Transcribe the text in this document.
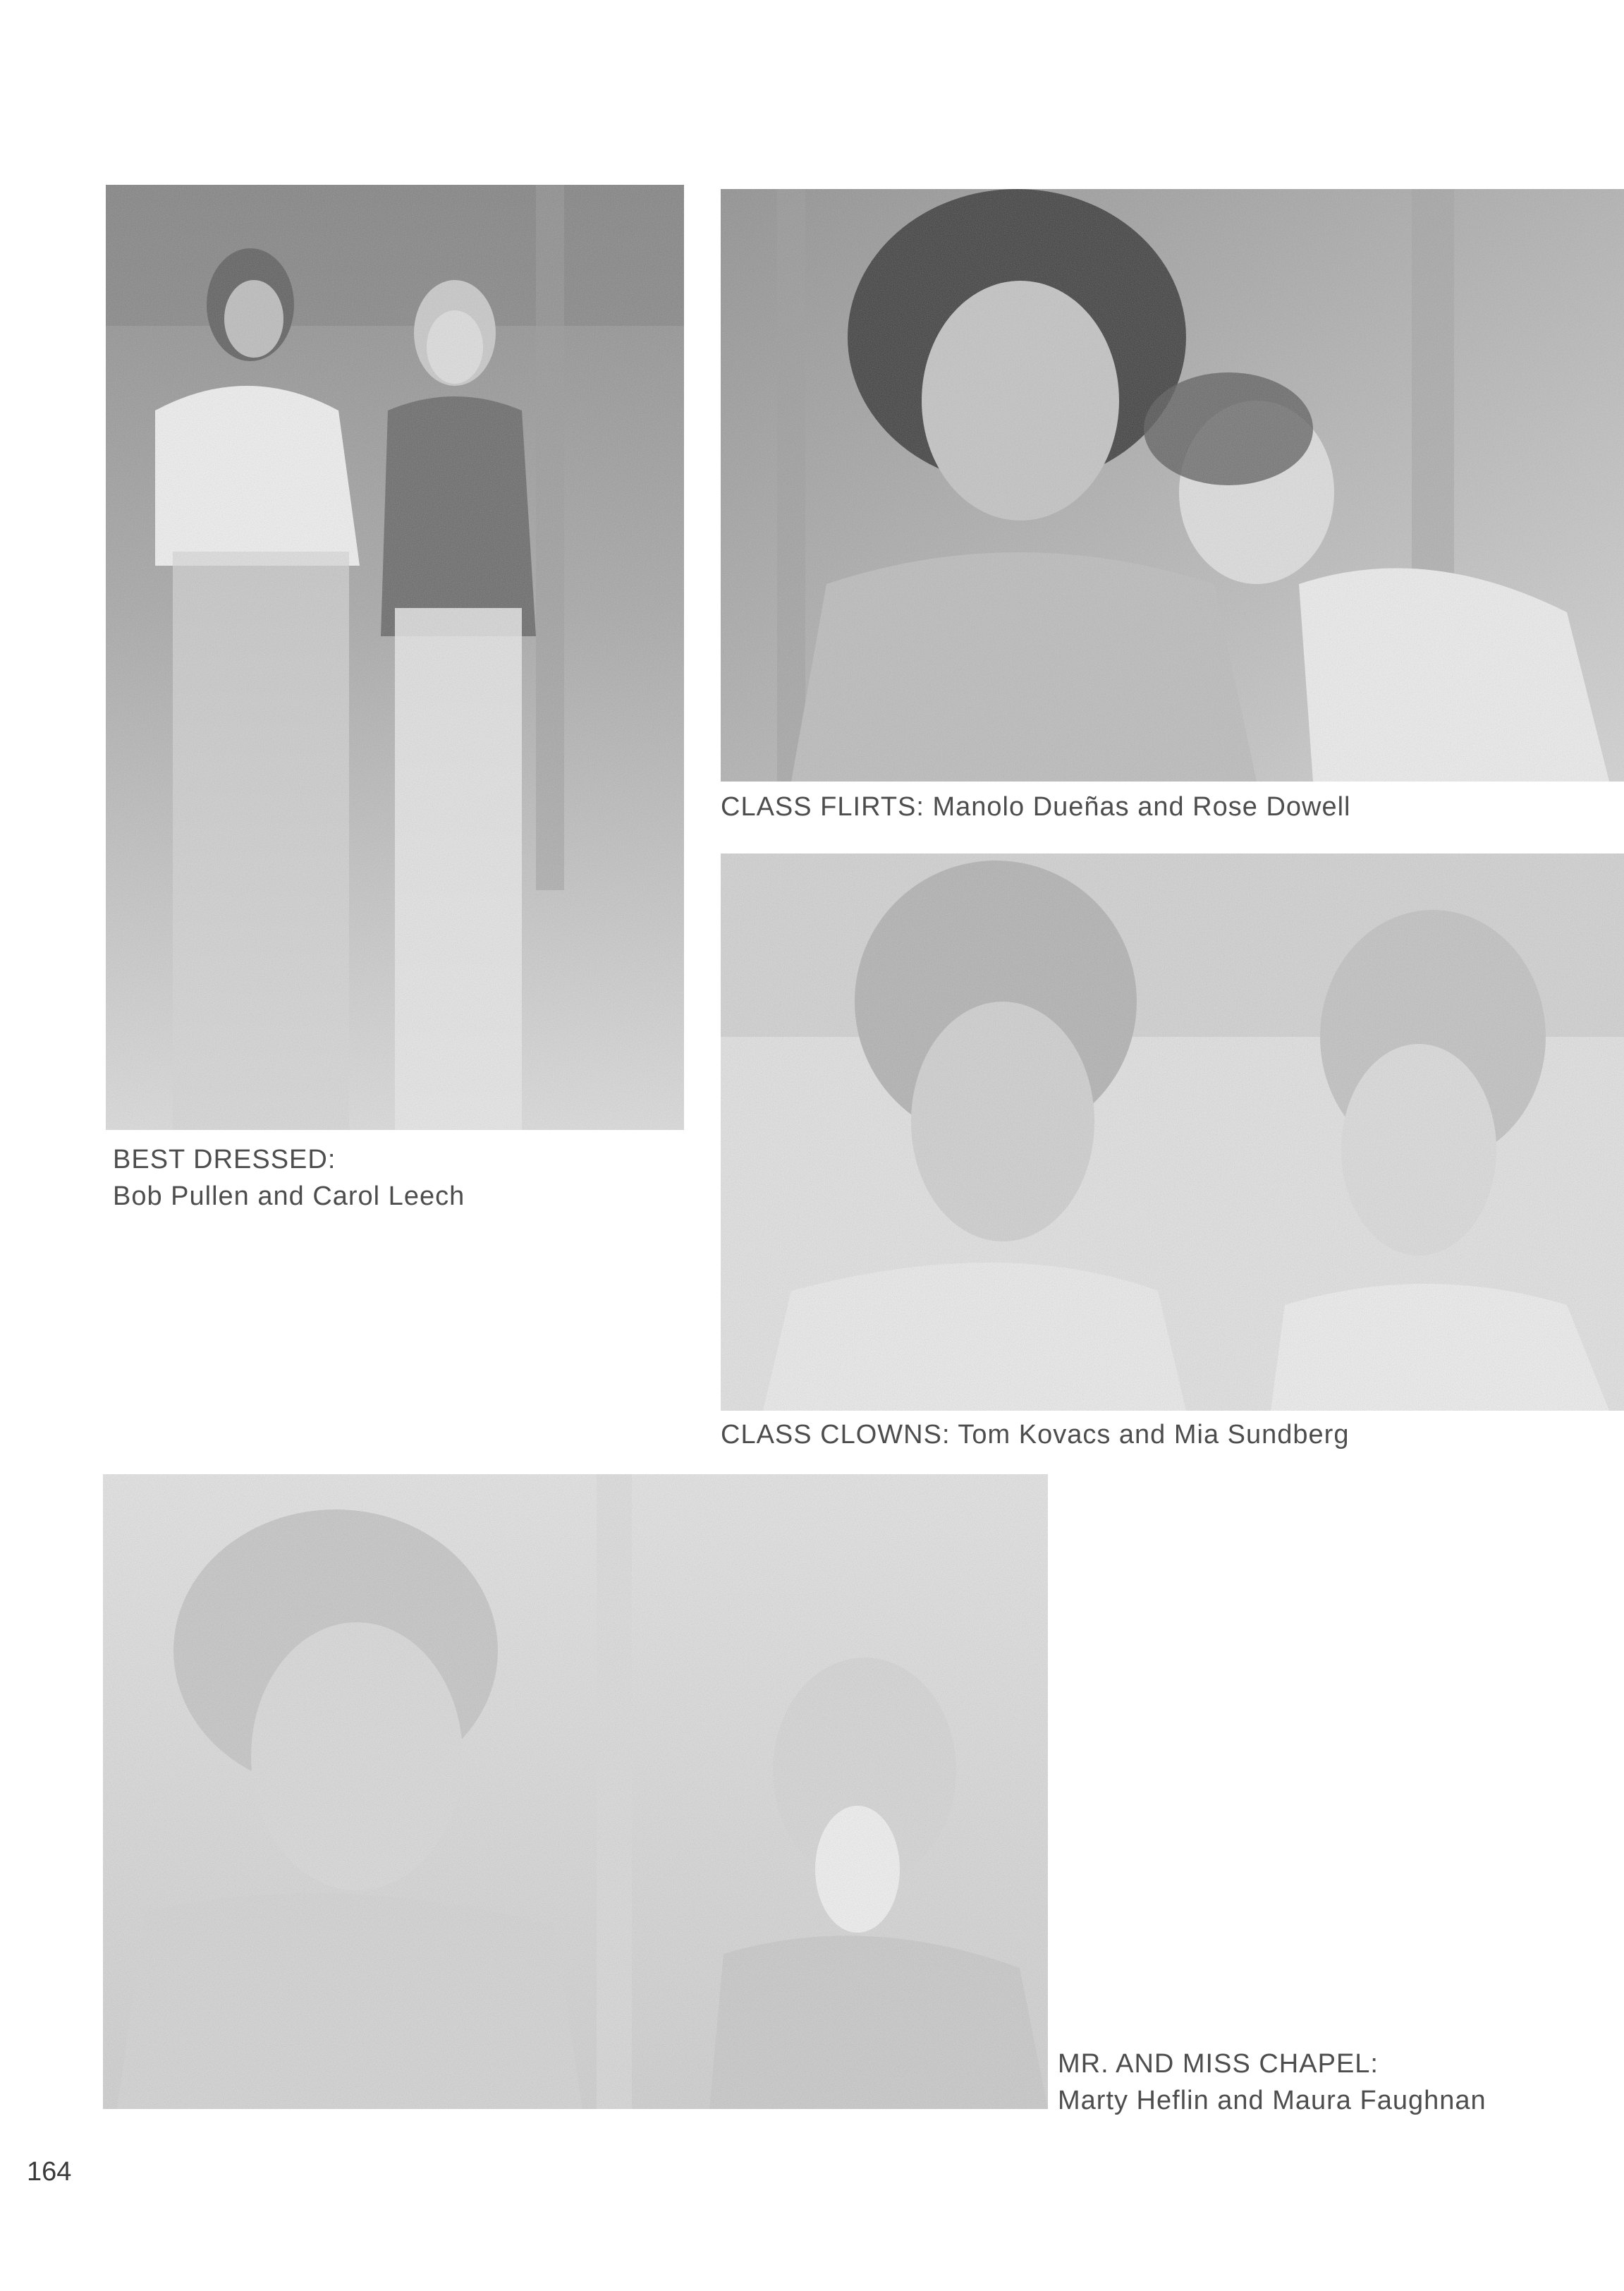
BEST DRESSED:
Bob Pullen and Carol Leech
CLASS FLIRTS: Manolo Dueñas and Rose Dowell
CLASS CLOWNS: Tom Kovacs and Mia Sundberg
MR. AND MISS CHAPEL:
Marty Heflin and Maura Faughnan
164
